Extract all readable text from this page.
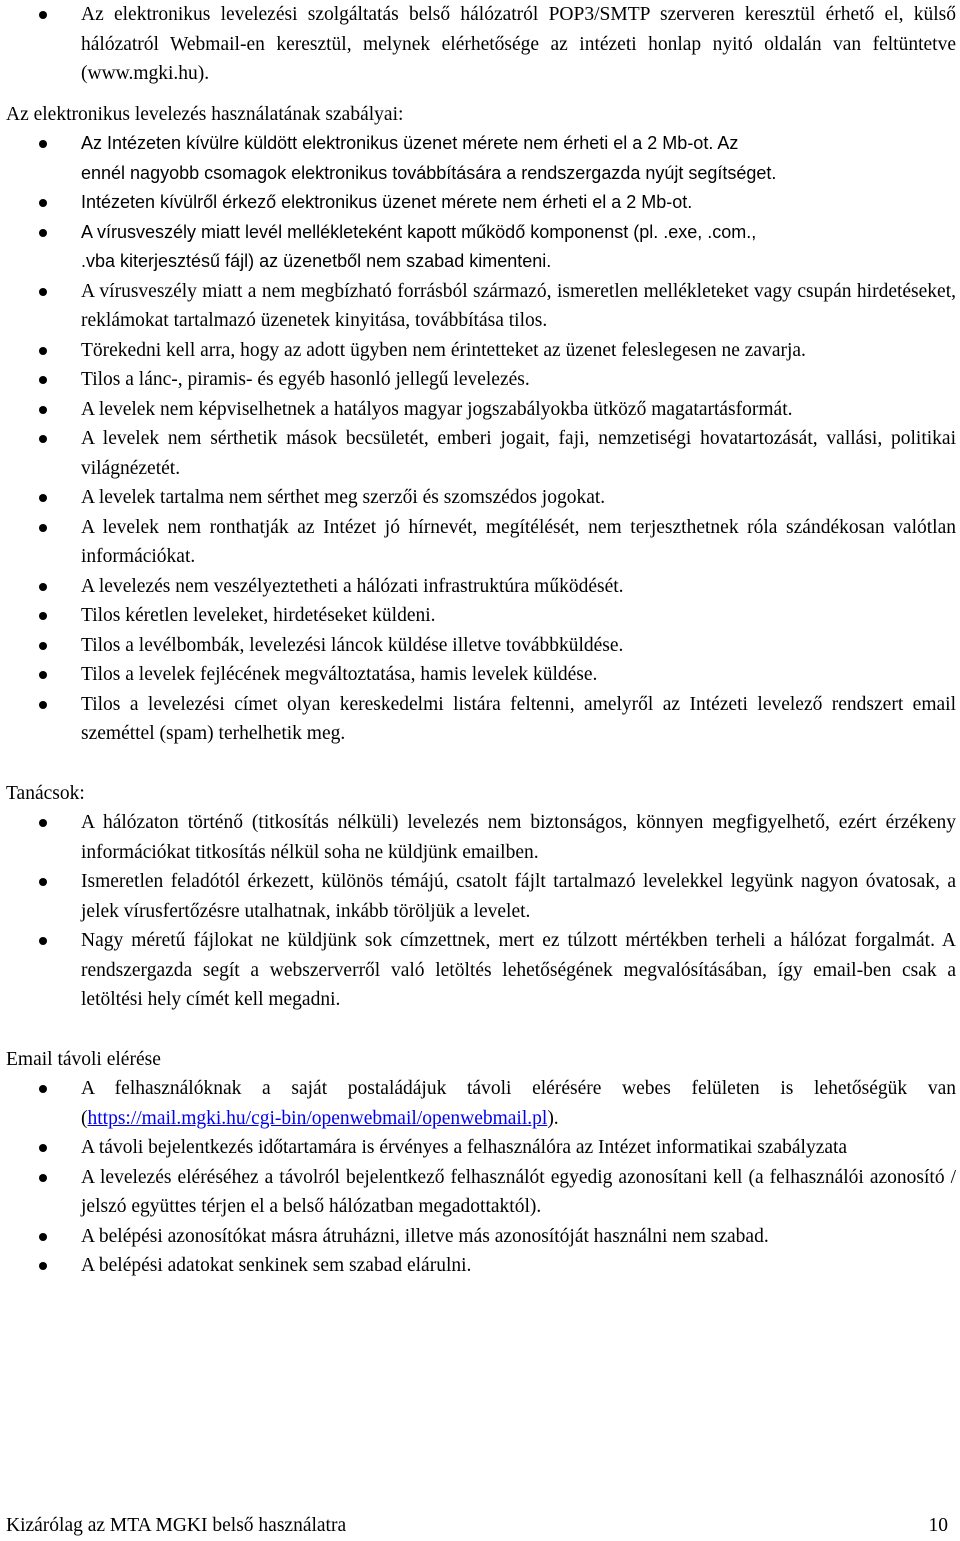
Az elektronikus levelezési szolgáltatás belső hálózatról POP3/SMTP szerveren keresztül érhető el, külső hálózatról Webmail-en keresztül, melynek elérhetősége az intézeti honlap nyitó oldalán van feltüntetve (www.mgki.hu).

Az elektronikus levelezés használatának szabályai:

Az Intézeten kívülre küldött elektronikus üzenet mérete nem érheti el a 2 Mb-ot. Az
ennél nagyobb csomagok elektronikus továbbítására a rendszergazda nyújt segítséget.
Intézeten kívülről érkező elektronikus üzenet mérete nem érheti el a 2 Mb-ot.
A vírusveszély miatt levél mellékleteként kapott működő komponenst (pl. .exe, .com.,
.vba kiterjesztésű fájl) az üzenetből nem szabad kimenteni.
A vírusveszély miatt a nem megbízható forrásból származó, ismeretlen mellékleteket vagy csupán hirdetéseket, reklámokat tartalmazó üzenetek kinyitása, továbbítása tilos.
Törekedni kell arra, hogy az adott ügyben nem érintetteket az üzenet feleslegesen ne zavarja.
Tilos a lánc-, piramis- és egyéb hasonló jellegű levelezés.
A levelek nem képviselhetnek a hatályos magyar jogszabályokba ütköző magatartásformát.
A levelek nem sérthetik mások becsületét, emberi jogait, faji, nemzetiségi hovatartozását, vallási, politikai világnézetét.
A levelek tartalma nem sérthet meg szerzői és szomszédos jogokat.
A levelek nem ronthatják az Intézet jó hírnevét, megítélését, nem terjeszthetnek róla szándékosan valótlan információkat.
A levelezés nem veszélyeztetheti a hálózati infrastruktúra működését.
Tilos kéretlen leveleket, hirdetéseket küldeni.
Tilos a levélbombák, levelezési láncok küldése illetve továbbküldése.
Tilos a levelek fejlécének megváltoztatása, hamis levelek küldése.
Tilos a levelezési címet olyan kereskedelmi listára feltenni, amelyről az Intézeti levelező rendszert email szeméttel (spam) terhelhetik meg.

Tanácsok:

A hálózaton történő (titkosítás nélküli) levelezés nem biztonságos, könnyen megfigyelhető, ezért érzékeny információkat titkosítás nélkül soha ne küldjünk emailben.
Ismeretlen feladótól érkezett, különös témájú, csatolt fájlt tartalmazó levelekkel legyünk nagyon óvatosak, a jelek vírusfertőzésre utalhatnak, inkább töröljük a levelet.
Nagy méretű fájlokat ne küldjünk sok címzettnek, mert ez túlzott mértékben terheli a hálózat forgalmát. A rendszergazda segít a webszerverről való letöltés lehetőségének megvalósításában, így email-ben csak a letöltési hely címét kell megadni.

Email távoli elérése

A felhasználóknak a saját postaládájuk távoli elérésére webes felületen is lehetőségük van (https://mail.mgki.hu/cgi-bin/openwebmail/openwebmail.pl).
A távoli bejelentkezés időtartamára is érvényes a felhasználóra az Intézet informatikai szabályzata
A levelezés eléréséhez a távolról bejelentkező felhasználót egyedig azonosítani kell (a felhasználói azonosító / jelszó együttes térjen el a belső hálózatban megadottaktól).
A belépési azonosítókat másra átruházni, illetve más azonosítóját használni nem szabad.
A belépési adatokat senkinek sem szabad elárulni.
Kizárólag az MTA MGKI belső használatra	10
